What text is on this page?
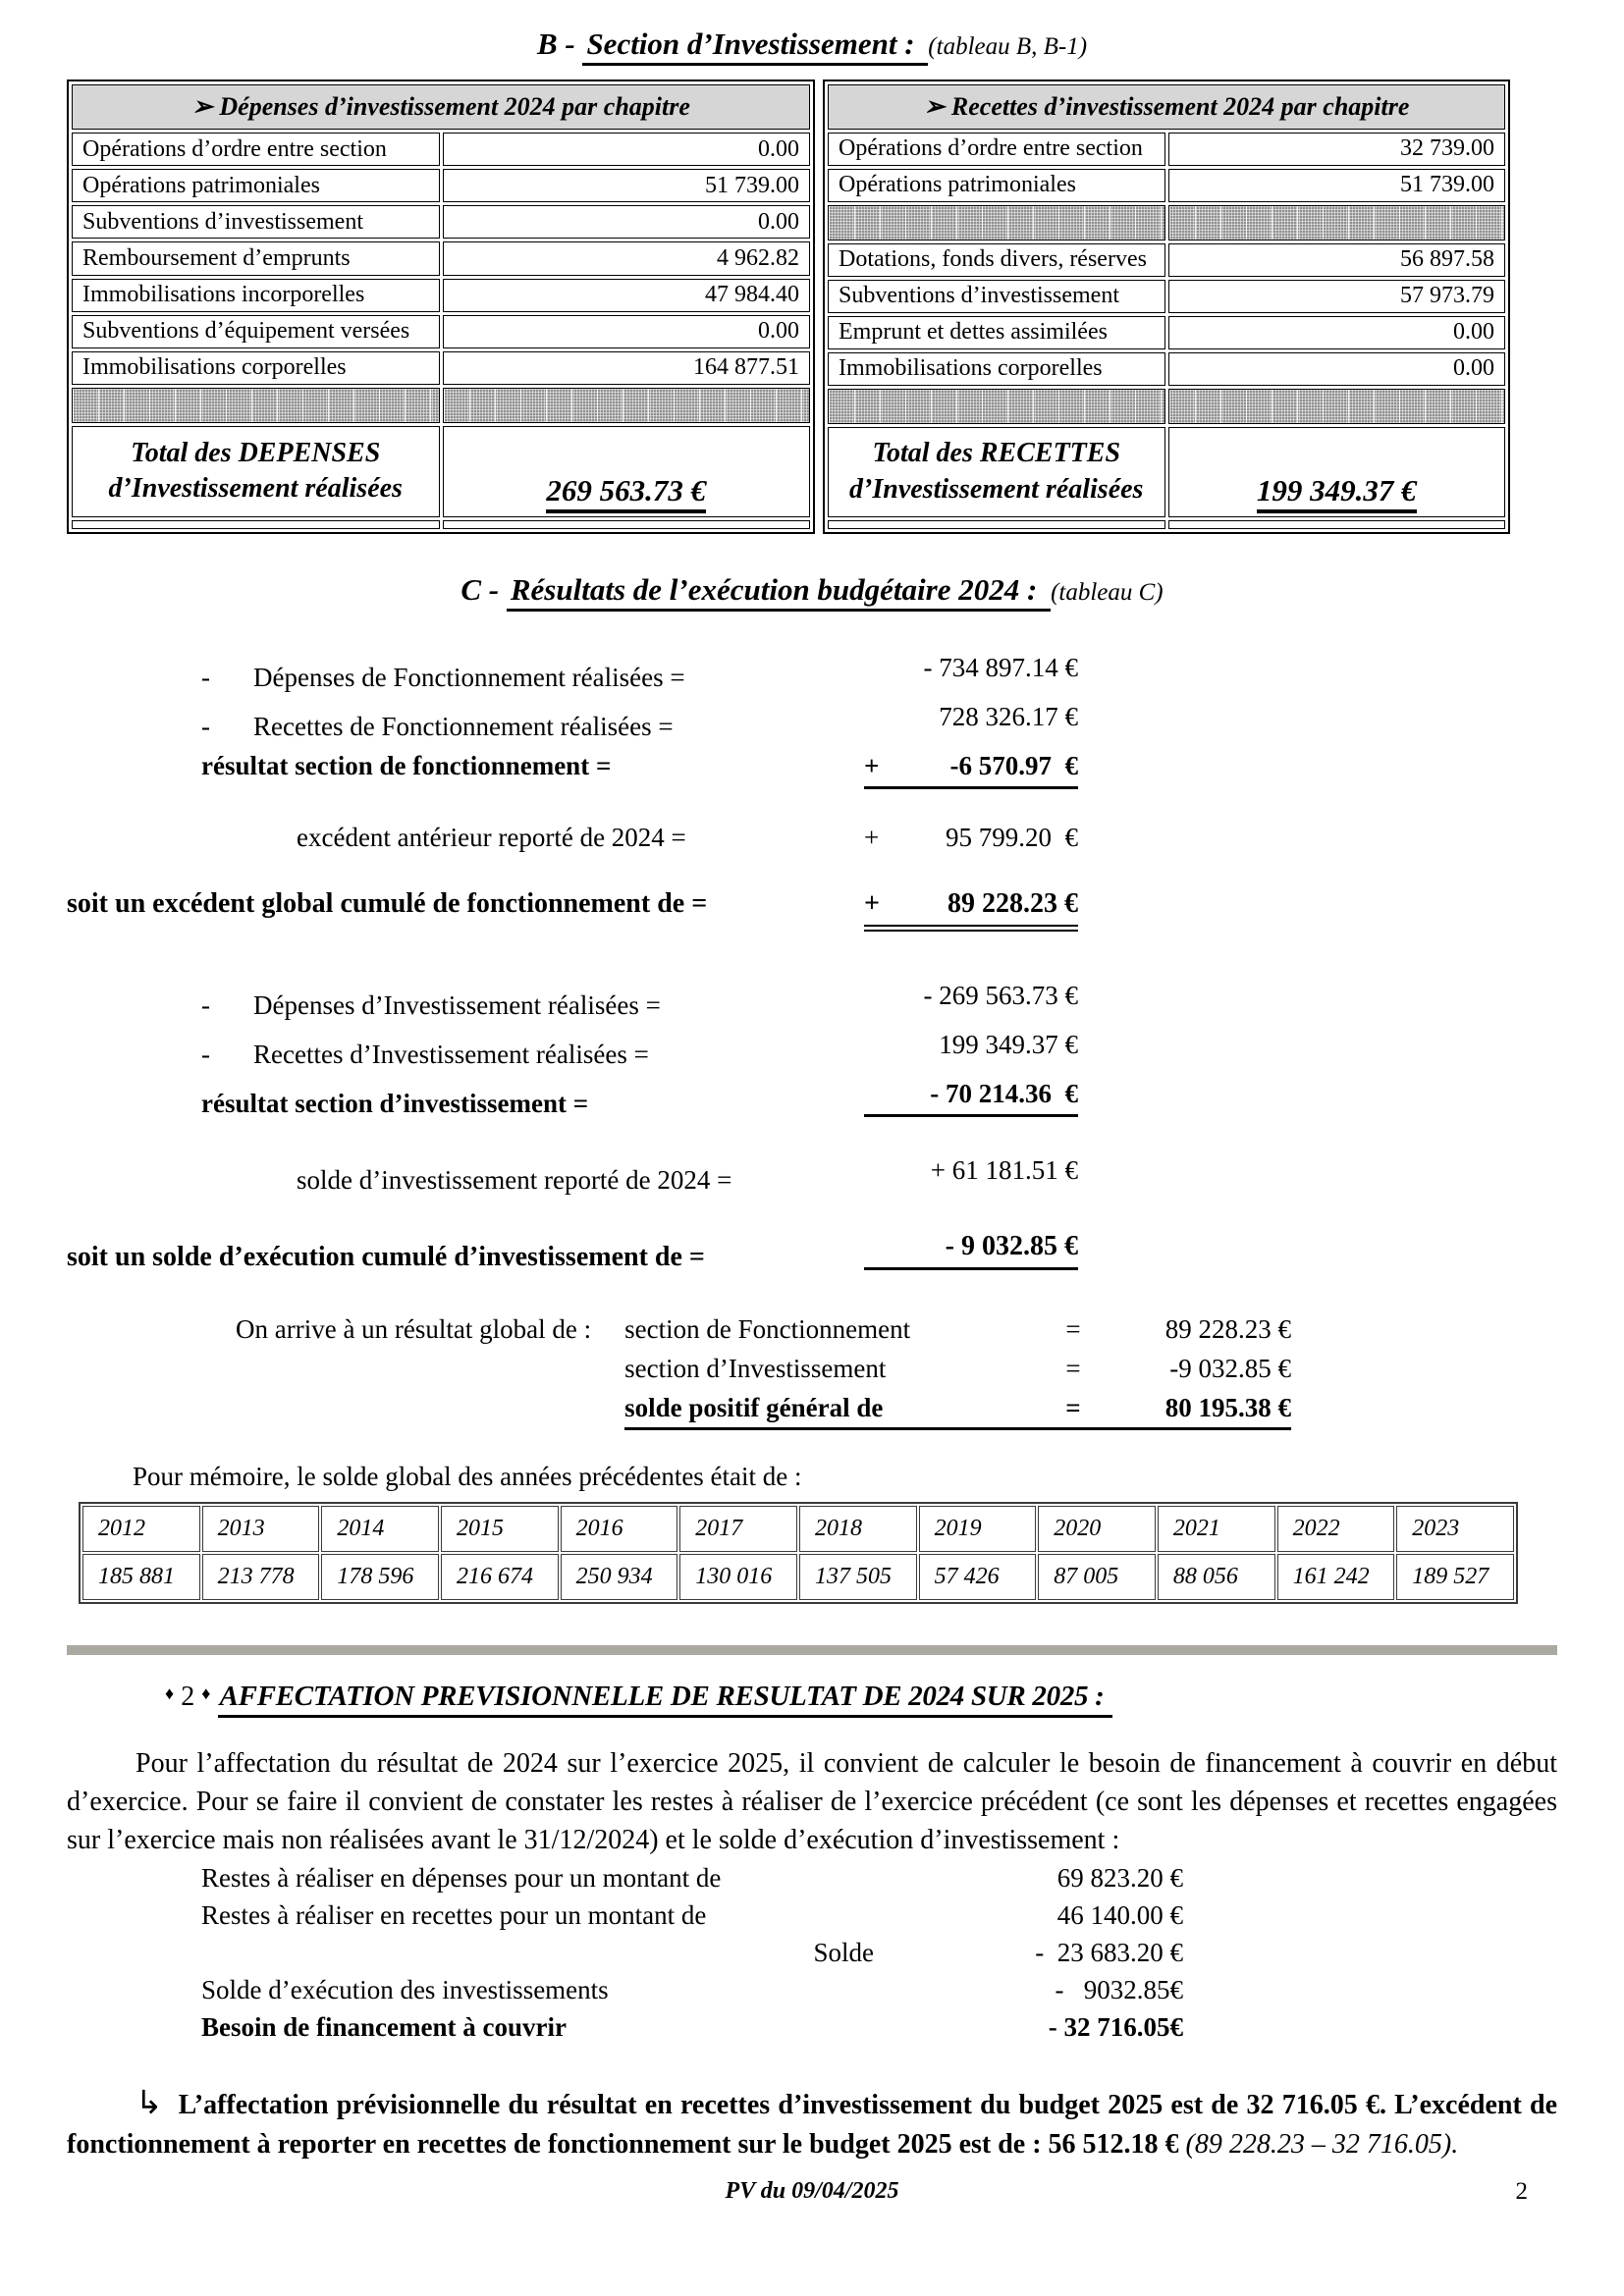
B - Section d’Investissement : (tableau B, B-1)
➢ Dépenses d’investissement 2024 par chapitre	
Opérations d’ordre entre section	0.00
Opérations patrimoniales	51 739.00
Subventions d’investissement	0.00
Remboursement d’emprunts	4 962.82
Immobilisations incorporelles	47 984.40
Subventions d’équipement versées	0.00
Immobilisations corporelles	164 877.51

Total des DEPENSES
d’Investissement réalisées	269 563.73 €

➢ Recettes d’investissement 2024 par chapitre	
Opérations d’ordre entre section	32 739.00
Opérations patrimoniales	51 739.00

Dotations, fonds divers, réserves	56 897.58
Subventions d’investissement	57 973.79
Emprunt et dettes assimilées	0.00
Immobilisations corporelles	0.00

Total des RECETTES
d’Investissement réalisées	199 349.37 €

C - Résultats de l’exécution budgétaire 2024 : (tableau C)
-	Dépenses de Fonctionnement réalisées =	- 734 897.14 €
-	Recettes de Fonctionnement réalisées =	728 326.17 €
résultat section de fonctionnement =	+	-6 570.97  €
excédent antérieur reporté de 2024 =	+	95 799.20  €
soit un excédent global cumulé de fonctionnement de =	+	89 228.23 €
-	Dépenses d’Investissement réalisées =	- 269 563.73 €
-	Recettes d’Investissement réalisées =	199 349.37 €
résultat section d’investissement =	- 70 214.36  €
solde d’investissement reporté de 2024 =	+ 61 181.51 €
soit un solde d’exécution cumulé d’investissement de =	- 9 032.85 €
On arrive à un résultat global de : section de Fonctionnement	=	89 228.23 €
section d’Investissement	=	-9 032.85 €
solde positif général de	=	80 195.38 €
Pour mémoire, le solde global des années précédentes était de :
2012	2013	2014	2015	2016	2017	2018	2019	2020	2021	2022	2023
185 881	213 778	178 596	216 674	250 934	130 016	137 505	57 426	87 005	88 056	161 242	189 527
♦ 2 ♦ AFFECTATION PREVISIONNELLE DE RESULTAT DE 2024 SUR 2025 :
Pour l’affectation du résultat de 2024 sur l’exercice 2025, il convient de calculer le besoin de financement à couvrir en début d’exercice. Pour se faire il convient de constater les restes à réaliser de l’exercice précédent (ce sont les dépenses et recettes engagées sur l’exercice mais non réalisées avant le 31/12/2024) et le solde d’exécution d’investissement :
Restes à réaliser en dépenses pour un montant de	69 823.20 €
Restes à réaliser en recettes pour un montant de	46 140.00 €
Solde	-  23 683.20 €
Solde d’exécution des investissements	-   9032.85€
Besoin de financement à couvrir	- 32 716.05€
↳ L’affectation prévisionnelle du résultat en recettes d’investissement du budget 2025 est de 32 716.05 €. L’excédent de fonctionnement à reporter en recettes de fonctionnement sur le budget 2025 est de : 56 512.18 € (89 228.23 – 32 716.05).
PV du 09/04/2025	2
